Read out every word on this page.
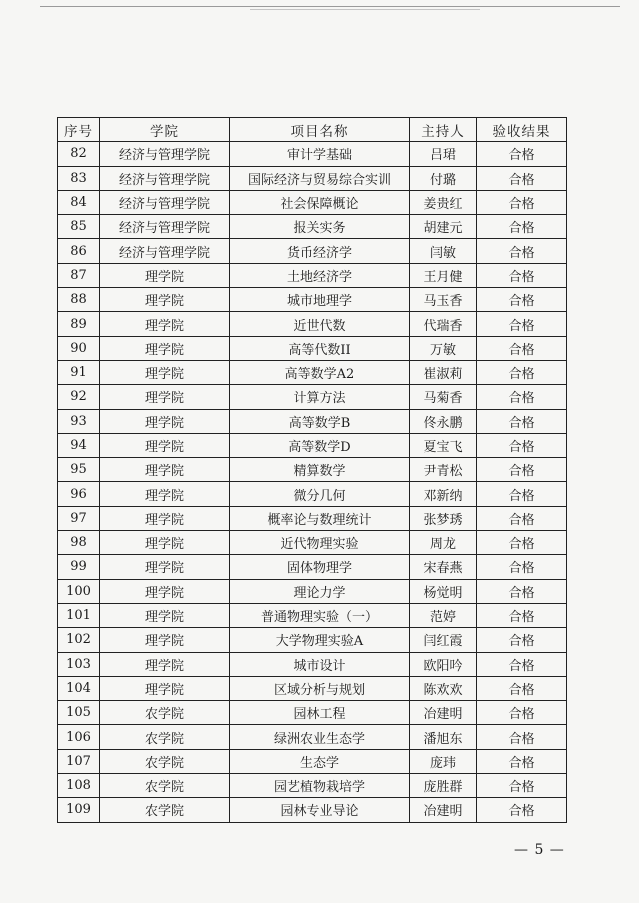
序号	学院	项目名称	主持人	验收结果
82	经济与管理学院	审计学基础	吕珺	合格
83	经济与管理学院	国际经济与贸易综合实训	付璐	合格
84	经济与管理学院	社会保障概论	姜贵红	合格
85	经济与管理学院	报关实务	胡建元	合格
86	经济与管理学院	货币经济学	闫敏	合格
87	理学院	土地经济学	王月健	合格
88	理学院	城市地理学	马玉香	合格
89	理学院	近世代数	代瑞香	合格
90	理学院	高等代数II	万敏	合格
91	理学院	高等数学A2	崔淑莉	合格
92	理学院	计算方法	马菊香	合格
93	理学院	高等数学B	佟永鹏	合格
94	理学院	高等数学D	夏宝飞	合格
95	理学院	精算数学	尹青松	合格
96	理学院	微分几何	邓新纳	合格
97	理学院	概率论与数理统计	张梦琇	合格
98	理学院	近代物理实验	周龙	合格
99	理学院	固体物理学	宋春燕	合格
100	理学院	理论力学	杨觉明	合格
101	理学院	普通物理实验（一）	范婷	合格
102	理学院	大学物理实验A	闫红霞	合格
103	理学院	城市设计	欧阳吟	合格
104	理学院	区域分析与规划	陈欢欢	合格
105	农学院	园林工程	冶建明	合格
106	农学院	绿洲农业生态学	潘旭东	合格
107	农学院	生态学	庞玮	合格
108	农学院	园艺植物栽培学	庞胜群	合格
109	农学院	园林专业导论	冶建明	合格
— 5 —
